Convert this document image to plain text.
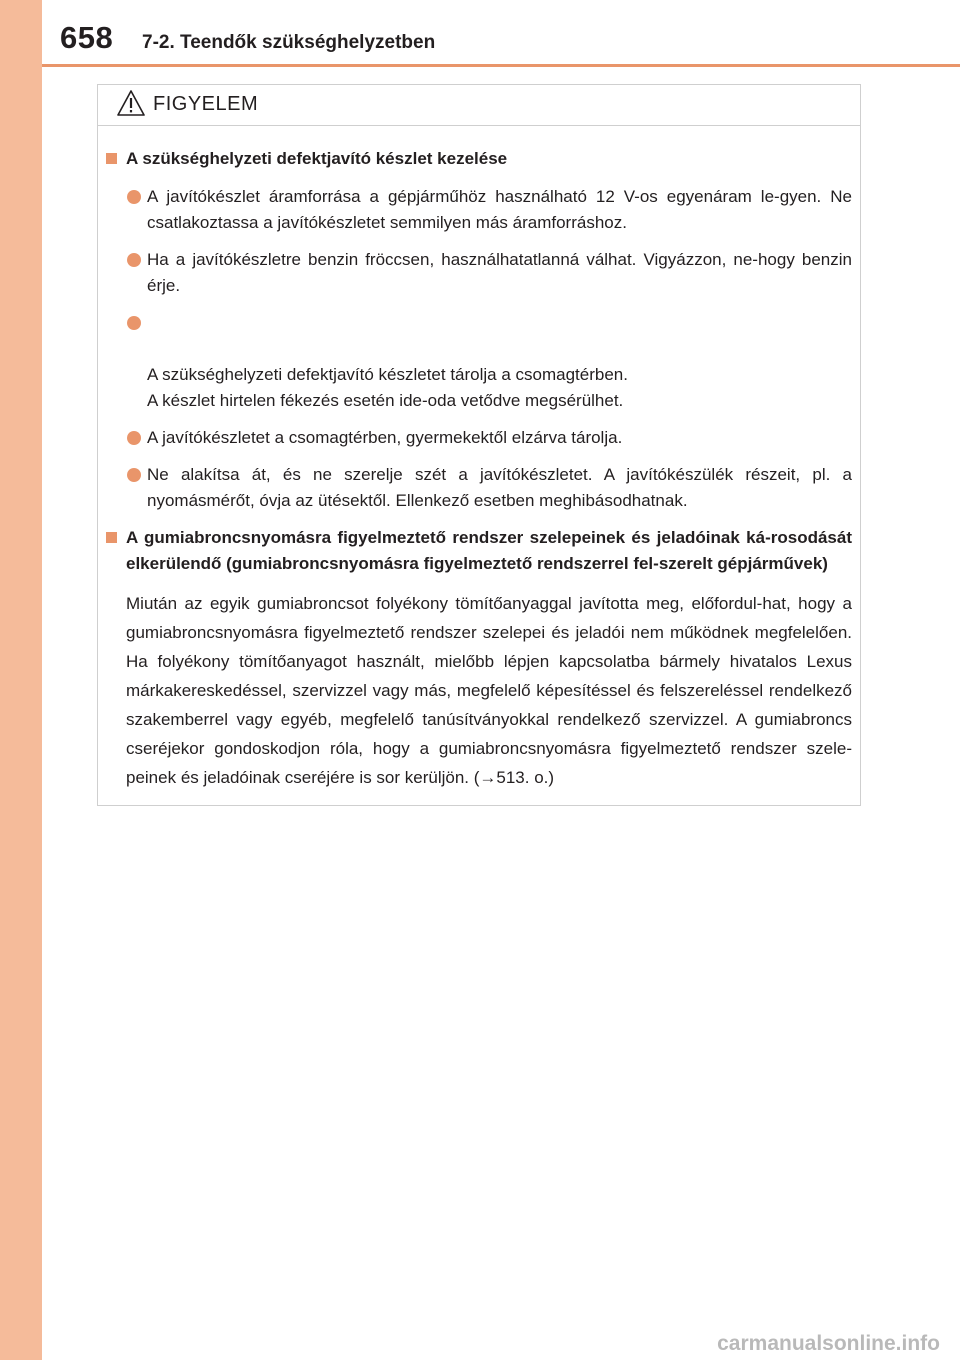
658 7-2. Teendők szükséghelyzetben
FIGYELEM
A szükséghelyzeti defektjavító készlet kezelése
A javítókészlet áramforrása a gépjárműhöz használható 12 V-os egyenáram le-gyen. Ne csatlakoztassa a javítókészletet semmilyen más áramforráshoz.
Ha a javítókészletre benzin fröccsen, használhatatlanná válhat. Vigyázzon, ne-hogy benzin érje.

A szükséghelyzeti defektjavító készletet tárolja a csomagtérben.
A készlet hirtelen fékezés esetén ide-oda vetődve megsérülhet.

A javítókészletet a csomagtérben, gyermekektől elzárva tárolja.
Ne alakítsa át, és ne szerelje szét a javítókészletet. A javítókészülék részeit, pl. a nyomásmérőt, óvja az ütésektől. Ellenkező esetben meghibásodhatnak.
A gumiabroncsnyomásra figyelmeztető rendszer szelepeinek és jeladóinak ká-rosodását elkerülendő (gumiabroncsnyomásra figyelmeztető rendszerrel fel-szerelt gépjárművek)
Miután az egyik gumiabroncsot folyékony tömítőanyaggal javította meg, előfordul-hat, hogy a gumiabroncsnyomásra figyelmeztető rendszer szelepei és jeladói nem működnek megfelelően. Ha folyékony tömítőanyagot használt, mielőbb lépjen kapcsolatba bármely hivatalos Lexus márkakereskedéssel, szervizzel vagy más, megfelelő képesítéssel és felszereléssel rendelkező szakemberrel vagy egyéb, megfelelő tanúsítványokkal rendelkező szervizzel. A gumiabroncs cseréjekor gondoskodjon róla, hogy a gumiabroncsnyomásra figyelmeztető rendszer szele-peinek és jeladóinak cseréjére is sor kerüljön. (→513. o.)
carmanualsonline.info
